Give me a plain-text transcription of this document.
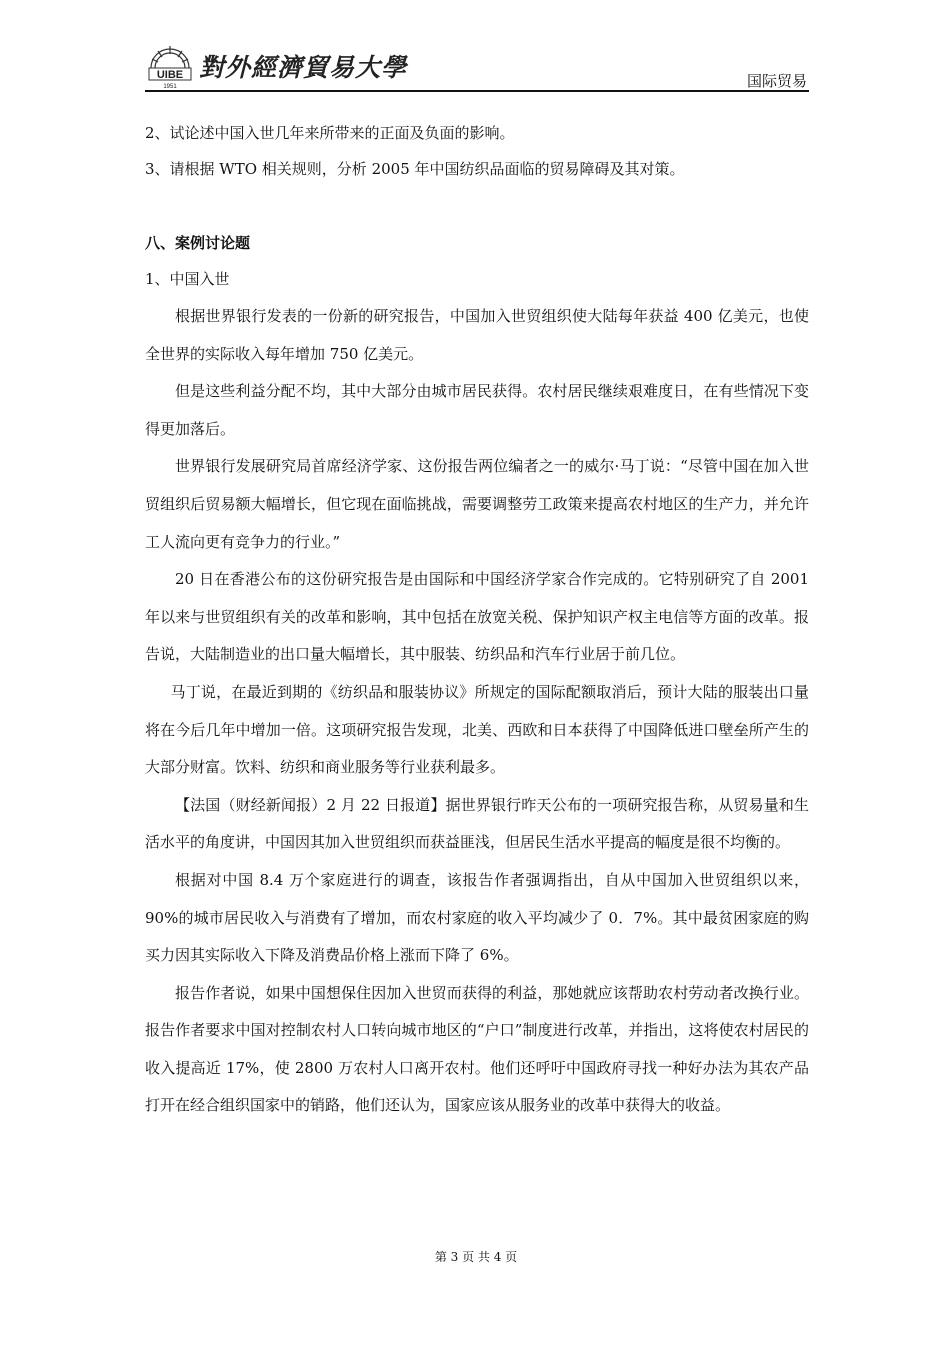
UIBE
1951
對外經濟貿易大學	国际贸易

2、试论述中国入世几年来所带来的正面及负面的影响。

3、请根据 WTO 相关规则，分析 2005 年中国纺织品面临的贸易障碍及其对策。

八、案例讨论题

1、中国入世

根据世界银行发表的一份新的研究报告，中国加入世贸组织使大陆每年获益 400 亿美元，也使全世界的实际收入每年增加 750 亿美元。

但是这些利益分配不均，其中大部分由城市居民获得。农村居民继续艰难度日，在有些情况下变得更加落后。

世界银行发展研究局首席经济学家、这份报告两位编者之一的威尔·马丁说：“尽管中国在加入世贸组织后贸易额大幅增长，但它现在面临挑战，需要调整劳工政策来提高农村地区的生产力，并允许工人流向更有竞争力的行业。”

20 日在香港公布的这份研究报告是由国际和中国经济学家合作完成的。它特别研究了自 2001 年以来与世贸组织有关的改革和影响，其中包括在放宽关税、保护知识产权主电信等方面的改革。报告说，大陆制造业的出口量大幅增长，其中服装、纺织品和汽车行业居于前几位。

马丁说，在最近到期的《纺织品和服装协议》所规定的国际配额取消后，预计大陆的服装出口量将在今后几年中增加一倍。这项研究报告发现，北美、西欧和日本获得了中国降低进口壁垒所产生的大部分财富。饮料、纺织和商业服务等行业获利最多。

【法国（财经新闻报）2 月 22 日报道】据世界银行昨天公布的一项研究报告称，从贸易量和生活水平的角度讲，中国因其加入世贸组织而获益匪浅，但居民生活水平提高的幅度是很不均衡的。

根据对中国 8.4 万个家庭进行的调查，该报告作者强调指出，自从中国加入世贸组织以来，90%的城市居民收入与消费有了增加，而农村家庭的收入平均减少了 0．7%。其中最贫困家庭的购买力因其实际收入下降及消费品价格上涨而下降了 6%。

报告作者说，如果中国想保住因加入世贸而获得的利益，那她就应该帮助农村劳动者改换行业。报告作者要求中国对控制农村人口转向城市地区的“户口”制度进行改革，并指出，这将使农村居民的收入提高近 17%，使 2800 万农村人口离开农村。他们还呼吁中国政府寻找一种好办法为其农产品打开在经合组织国家中的销路，他们还认为，国家应该从服务业的改革中获得大的收益。

第 3 页 共 4 页
